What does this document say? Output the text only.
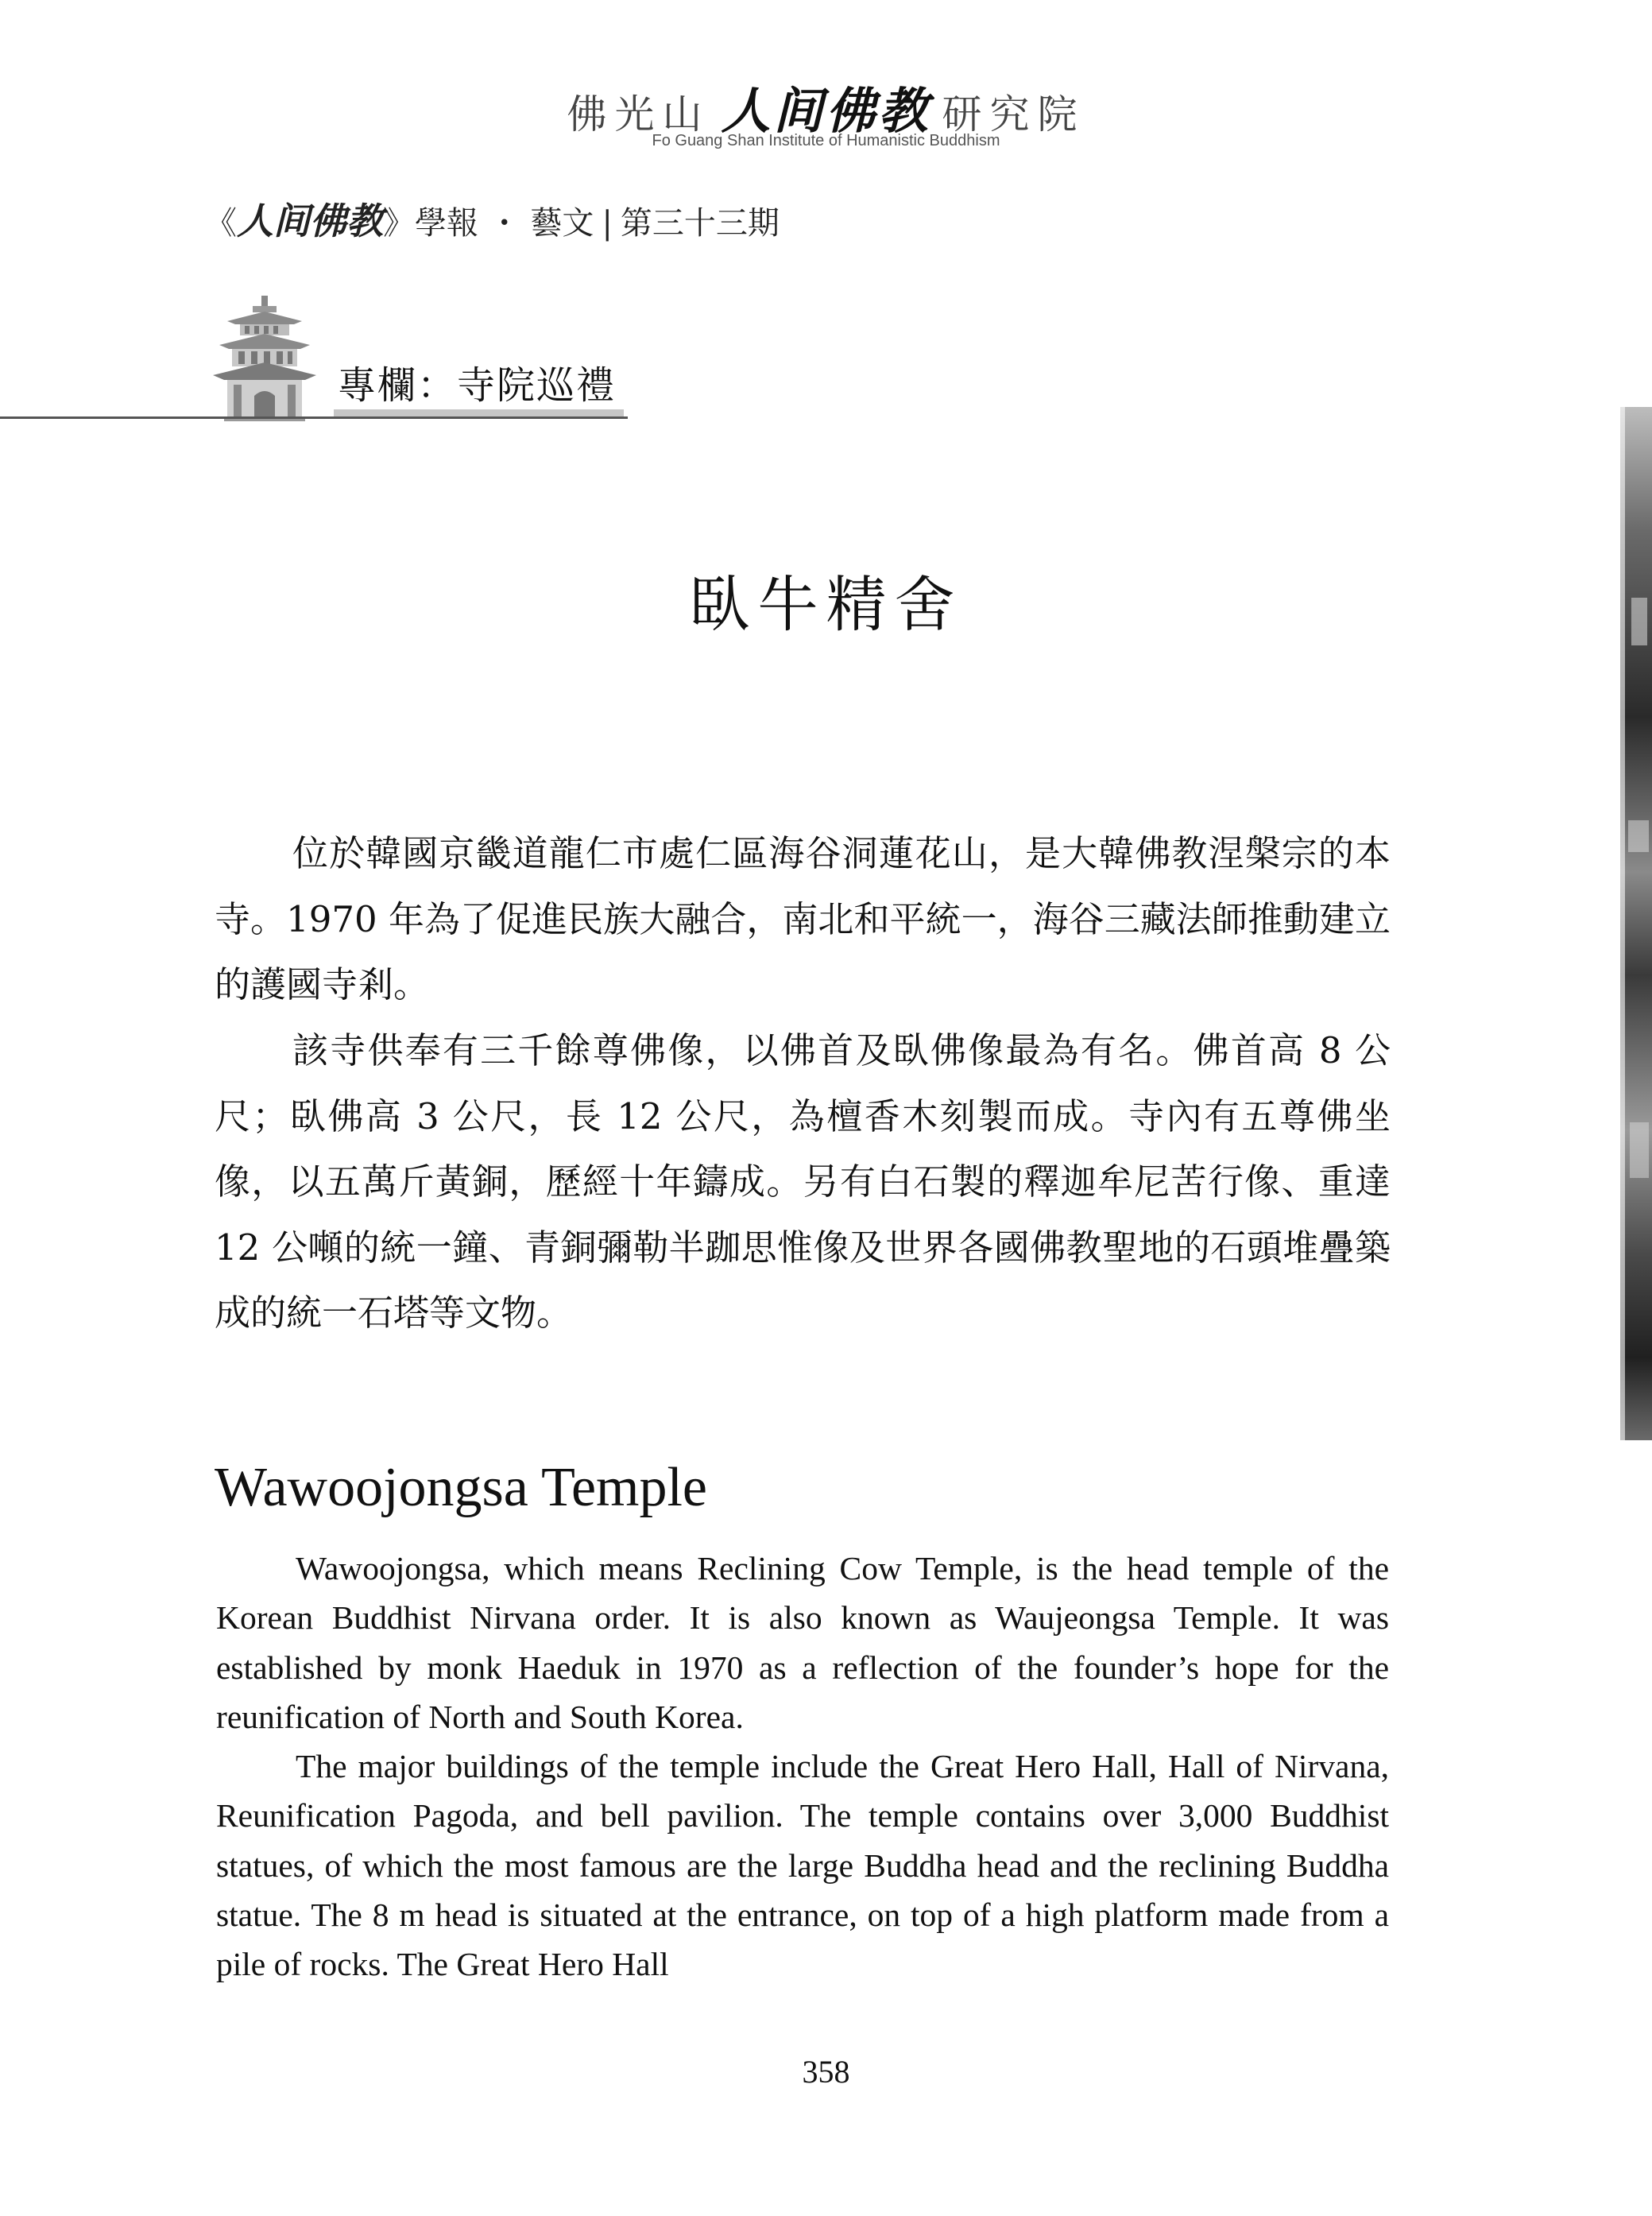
佛光山 人间佛教 研究院
Fo Guang Shan Institute of Humanistic Buddhism
《人间佛教》學報 ・ 藝文 | 第三十三期
專欄：寺院巡禮
臥牛精舍

位於韓國京畿道龍仁市處仁區海谷洞蓮花山，是大韓佛教涅槃宗的本寺。1970 年為了促進民族大融合，南北和平統一，海谷三藏法師推動建立的護國寺剎。

該寺供奉有三千餘尊佛像，以佛首及臥佛像最為有名。佛首高 8 公尺；臥佛高 3 公尺，長 12 公尺，為檀香木刻製而成。寺內有五尊佛坐像，以五萬斤黃銅，歷經十年鑄成。另有白石製的釋迦牟尼苦行像、重達 12 公噸的統一鐘、青銅彌勒半跏思惟像及世界各國佛教聖地的石頭堆疊築成的統一石塔等文物。

Wawoojongsa Temple

Wawoojongsa, which means Reclining Cow Temple, is the head temple of the Korean Buddhist Nirvana order. It is also known as Waujeongsa Temple. It was established by monk Haeduk in 1970 as a reflection of the founder’s hope for the reunification of North and South Korea.

The major buildings of the temple include the Great Hero Hall, Hall of Nirvana, Reunification Pagoda, and bell pavilion. The temple contains over 3,000 Buddhist statues, of which the most famous are the large Buddha head and the reclining Buddha statue. The 8 m head is situated at the entrance, on top of a high platform made from a pile of rocks. The Great Hero Hall

358
